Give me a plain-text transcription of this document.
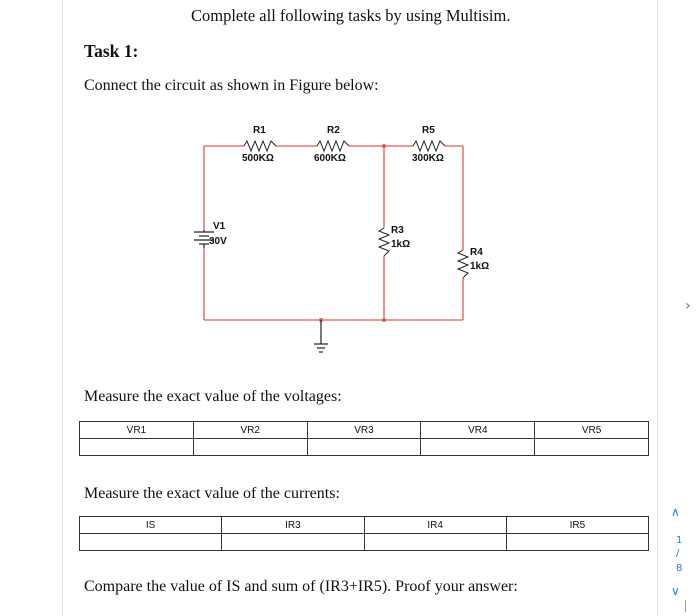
Complete all following tasks by using Multisim.
Task 1:
Connect the circuit as shown in Figure below:
R1
500KΩ
R2
600KΩ
R5
300KΩ
V1
30V
R3
1kΩ
R4
1kΩ
Measure the exact value of the voltages:
VR1	VR2	VR3	VR4	VR5

Measure the exact value of the currents:
IS	IR3	IR4	IR5

Compare the value of IS and sum of (IR3+IR5). Proof your answer:
›
∧
1
/
8
∨
